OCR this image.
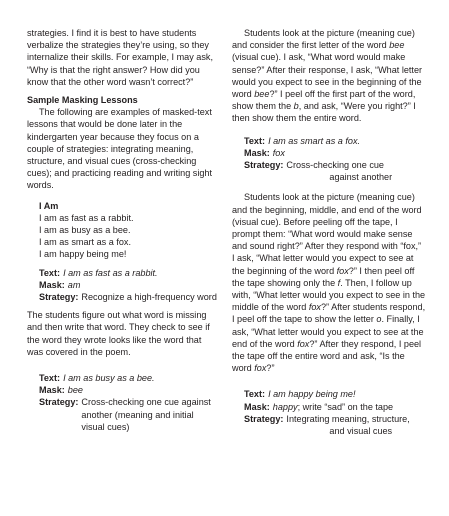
strategies. I find it is best to have students verbalize the strategies they’re using, so they internalize their skills. For example, I may ask, “Why is that the right answer? How did you know that the other word wasn’t correct?”

Sample Masking Lessons

The following are examples of masked-text lessons that would be done later in the kindergarten year because they focus on a couple of strategies: integrating meaning, structure, and visual cues (cross-checking cues); and practicing reading and writing sight words.

I Am
I am as fast as a rabbit.
I am as busy as a bee.
I am as smart as a fox.
I am happy being me!
Text: I am as fast as a rabbit.
Mask: am
Strategy: Recognize a high-frequency word

The students figure out what word is missing and then write that word. They check to see if the word they wrote looks like the word that was covered in the poem.

Text: I am as busy as a bee.
Mask: bee
Strategy: Cross-checking one cue against
another (meaning and initial
visual cues)

Students look at the picture (meaning cue) and consider the first letter of the word bee (visual cue). I ask, “What word would make sense?” After their response, I ask, “What letter would you expect to see in the beginning of the word bee?” I peel off the first part of the word, show them the b, and ask, “Were you right?” I then show them the entire word.

Text: I am as smart as a fox.
Mask: fox
Strategy: Cross-checking one cue
against another

Students look at the picture (meaning cue) and the beginning, middle, and end of the word (visual cue). Before peeling off the tape, I prompt them: “What word would make sense and sound right?” After they respond with “fox,” I ask, “What letter would you expect to see at the beginning of the word fox?” I then peel off the tape showing only the f. Then, I follow up with, “What letter would you expect to see in the middle of the word fox?” After students respond, I peel off the tape to show the letter o. Finally, I ask, “What letter would you expect to see at the end of the word fox?” After they respond, I peel the tape off the entire word and ask, “Is the word fox?”

Text: I am happy being me!
Mask: happy; write “sad” on the tape
Strategy: Integrating meaning, structure,
and visual cues
